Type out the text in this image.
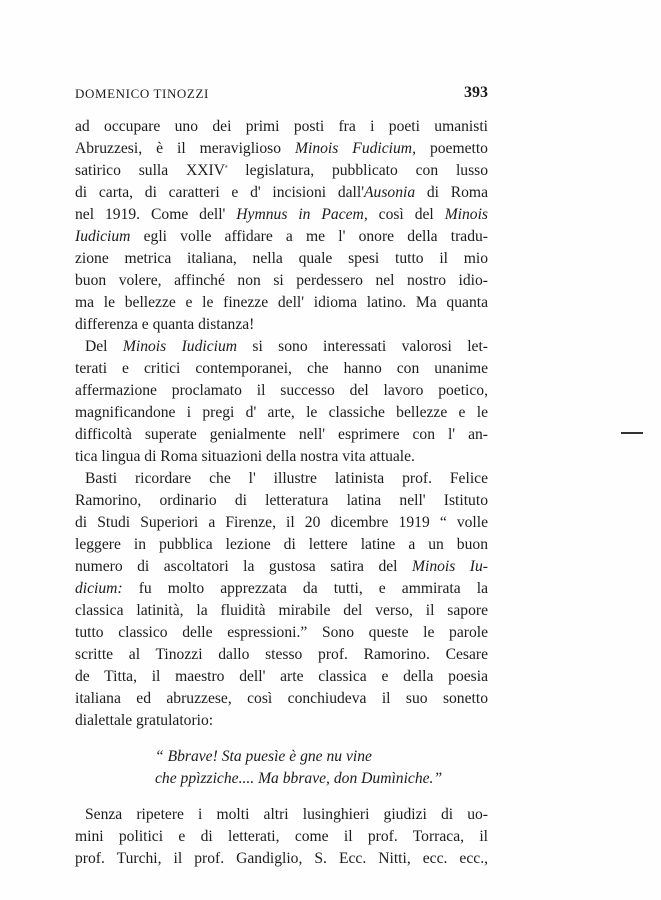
DOMENICO TINOZZI	393
ad occupare uno dei primi posti fra i poeti umanisti
Abruzzesi, è il meraviglioso Minois Fudicium, poemetto
satirico sulla $XXIV^ª$ legislatura, pubblicato con lusso
di carta, di caratteri e d' incisioni dall'Ausonia di Roma
nel 1919. Come dell' Hymnus in Pacem, così del Minois
Iudicium egli volle affidare a me l' onore della tradu-
zione metrica italiana, nella quale spesi tutto il mio
buon volere, affinché non si perdessero nel nostro idio-
ma le bellezze e le finezze dell' idioma latino. Ma quanta
differenza e quanta distanza!
Del Minois Iudicium si sono interessati valorosi let-
terati e critici contemporanei, che hanno con unanime
affermazione proclamato il successo del lavoro poetico,
magnificandone i pregi d' arte, le classiche bellezze e le
difficoltà superate genialmente nell' esprimere con l' an-
tica lingua di Roma situazioni della nostra vita attuale.
Basti ricordare che l' illustre latinista prof. Felice
Ramorino, ordinario di letteratura latina nell' Istituto
di Studi Superiori a Firenze, il 20 dicembre 1919 “ volle
leggere in pubblica lezione di lettere latine a un buon
numero di ascoltatori la gustosa satira del Minois Iu-
dicium: fu molto apprezzata da tutti, e ammirata la
classica latinità, la fluidità mirabile del verso, il sapore
tutto classico delle espressioni.” Sono queste le parole
scritte al Tinozzi dallo stesso prof. Ramorino. Cesare
de Titta, il maestro dell' arte classica e della poesia
italiana ed abruzzese, così conchiudeva il suo sonetto
dialettale gratulatorio:
“ Bbrave! Sta puesìe è gne nu vine
che ppìzziche.... Ma bbrave, don Dumìniche.”
Senza ripetere i molti altri lusinghieri giudizi di uo-
mini politici e di letterati, come il prof. Torraca, il
prof. Turchi, il prof. Gandiglio, S. Ecc. Nitti, ecc. ecc.,
